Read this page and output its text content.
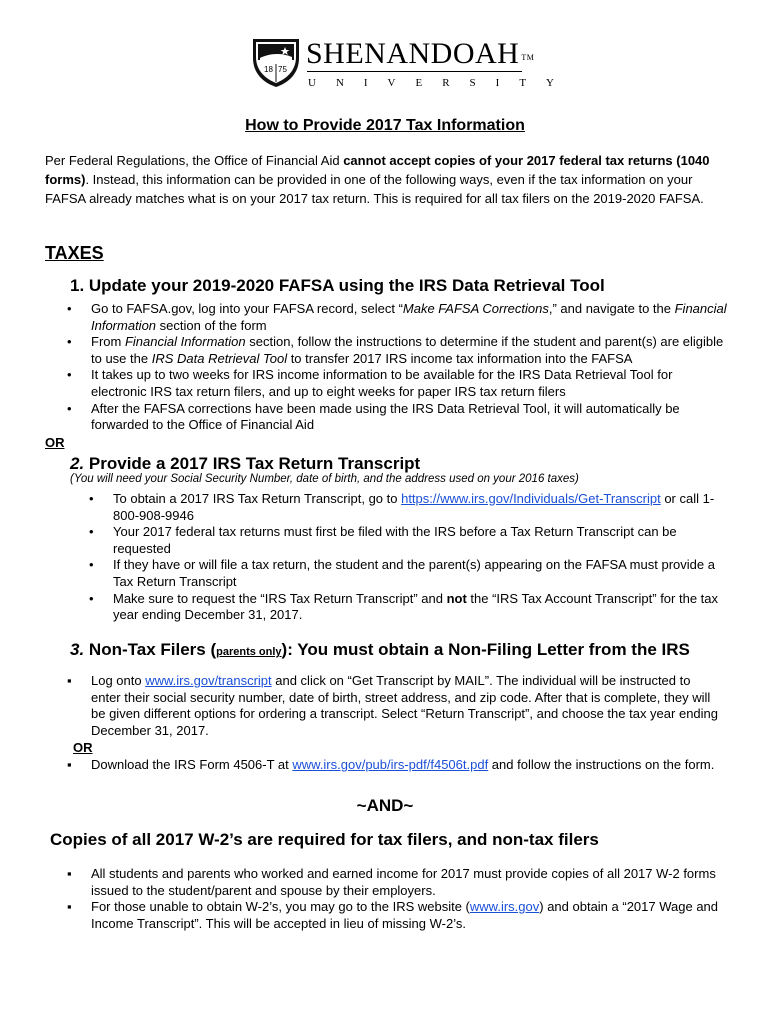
18 75 SHENANDOAH ™
UNIVERSITY
How to Provide 2017 Tax Information
Per Federal Regulations, the Office of Financial Aid cannot accept copies of your 2017 federal tax returns (1040 forms). Instead, this information can be provided in one of the following ways, even if the tax information on your FAFSA already matches what is on your 2017 tax return. This is required for all tax filers on the 2019-2020 FAFSA.
TAXES
1. Update your 2019-2020 FAFSA using the IRS Data Retrieval Tool
• Go to FAFSA.gov, log into your FAFSA record, select “Make FAFSA Corrections,” and navigate to the Financial Information section of the form
• From Financial Information section, follow the instructions to determine if the student and parent(s) are eligible to use the IRS Data Retrieval Tool to transfer 2017 IRS income tax information into the FAFSA
• It takes up to two weeks for IRS income information to be available for the IRS Data Retrieval Tool for electronic IRS tax return filers, and up to eight weeks for paper IRS tax return filers
• After the FAFSA corrections have been made using the IRS Data Retrieval Tool, it will automatically be forwarded to the Office of Financial Aid
OR
2. Provide a 2017 IRS Tax Return Transcript
(You will need your Social Security Number, date of birth, and the address used on your 2016 taxes)
• To obtain a 2017 IRS Tax Return Transcript, go to https://www.irs.gov/Individuals/Get-Transcript or call 1-800-908-9946
• Your 2017 federal tax returns must first be filed with the IRS before a Tax Return Transcript can be requested
• If they have or will file a tax return, the student and the parent(s) appearing on the FAFSA must provide a Tax Return Transcript
• Make sure to request the “IRS Tax Return Transcript” and not the “IRS Tax Account Transcript” for the tax year ending December 31, 2017.
3. Non-Tax Filers (parents only): You must obtain a Non-Filing Letter from the IRS
▪ Log onto www.irs.gov/transcript and click on “Get Transcript by MAIL”. The individual will be instructed to enter their social security number, date of birth, street address, and zip code. After that is complete, they will be given different options for ordering a transcript. Select “Return Transcript”, and choose the tax year ending December 31, 2017.
OR
▪ Download the IRS Form 4506-T at www.irs.gov/pub/irs-pdf/f4506t.pdf and follow the instructions on the form.
~AND~
Copies of all 2017 W-2’s are required for tax filers, and non-tax filers
▪ All students and parents who worked and earned income for 2017 must provide copies of all 2017 W-2 forms issued to the student/parent and spouse by their employers.
▪ For those unable to obtain W-2’s, you may go to the IRS website (www.irs.gov) and obtain a “2017 Wage and Income Transcript”. This will be accepted in lieu of missing W-2’s.
